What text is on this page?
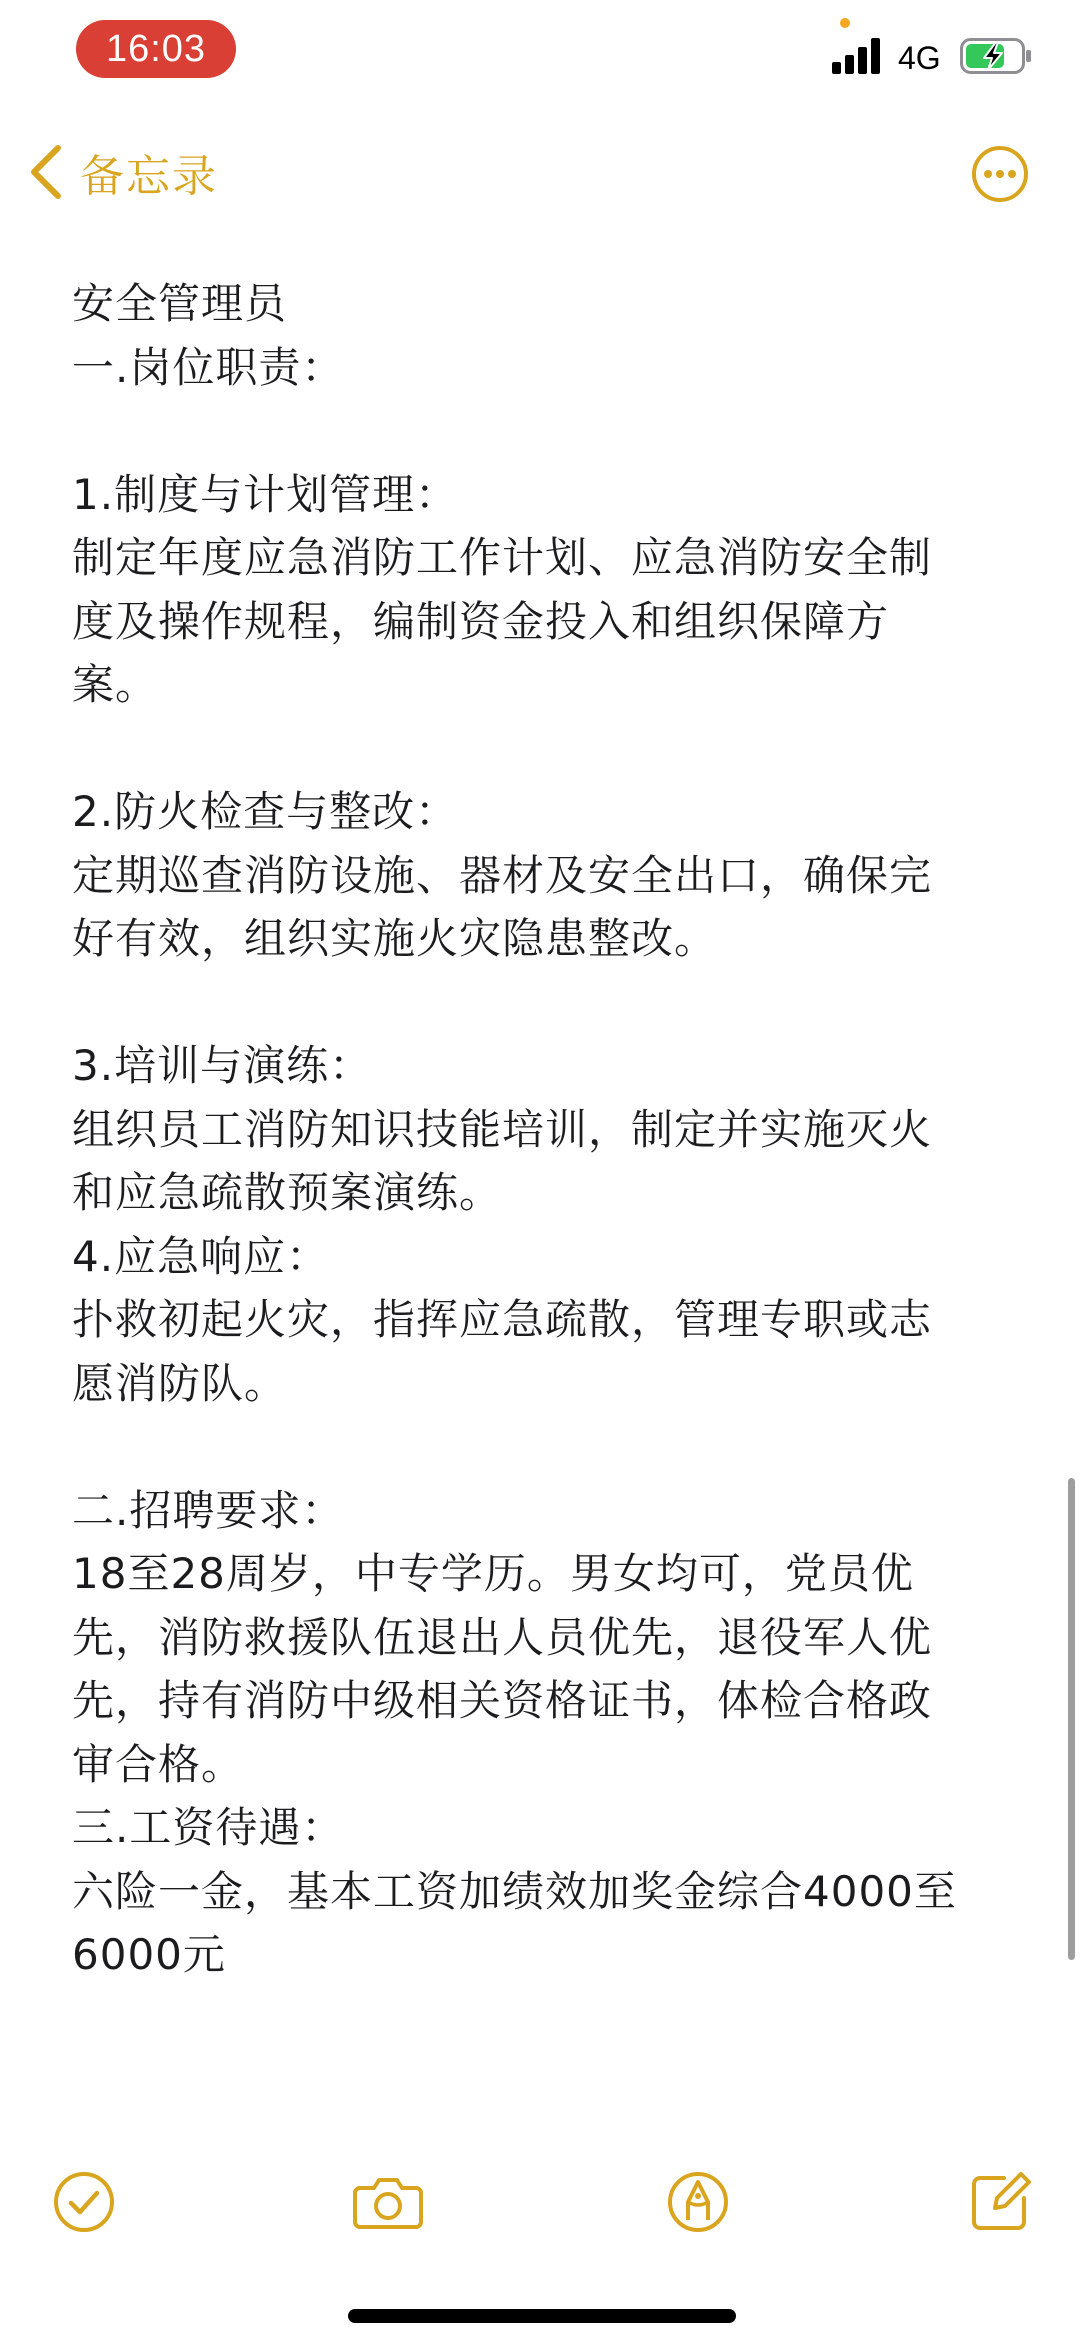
16:03	4G
备忘录
安全管理员
一.岗位职责：
1.制度与计划管理：
制定年度应急消防工作计划、应急消防安全制
度及操作规程，编制资金投入和组织保障方
案。
2.防火检查与整改：
定期巡查消防设施、器材及安全出口，确保完
好有效，组织实施火灾隐患整改。
3.培训与演练：
组织员工消防知识技能培训，制定并实施灭火
和应急疏散预案演练。
4.应急响应：
扑救初起火灾，指挥应急疏散，管理专职或志
愿消防队。
二.招聘要求：
18至28周岁，中专学历。男女均可，党员优
先，消防救援队伍退出人员优先，退役军人优
先，持有消防中级相关资格证书，体检合格政
审合格。
三.工资待遇：
六险一金，基本工资加绩效加奖金综合4000至
6000元
